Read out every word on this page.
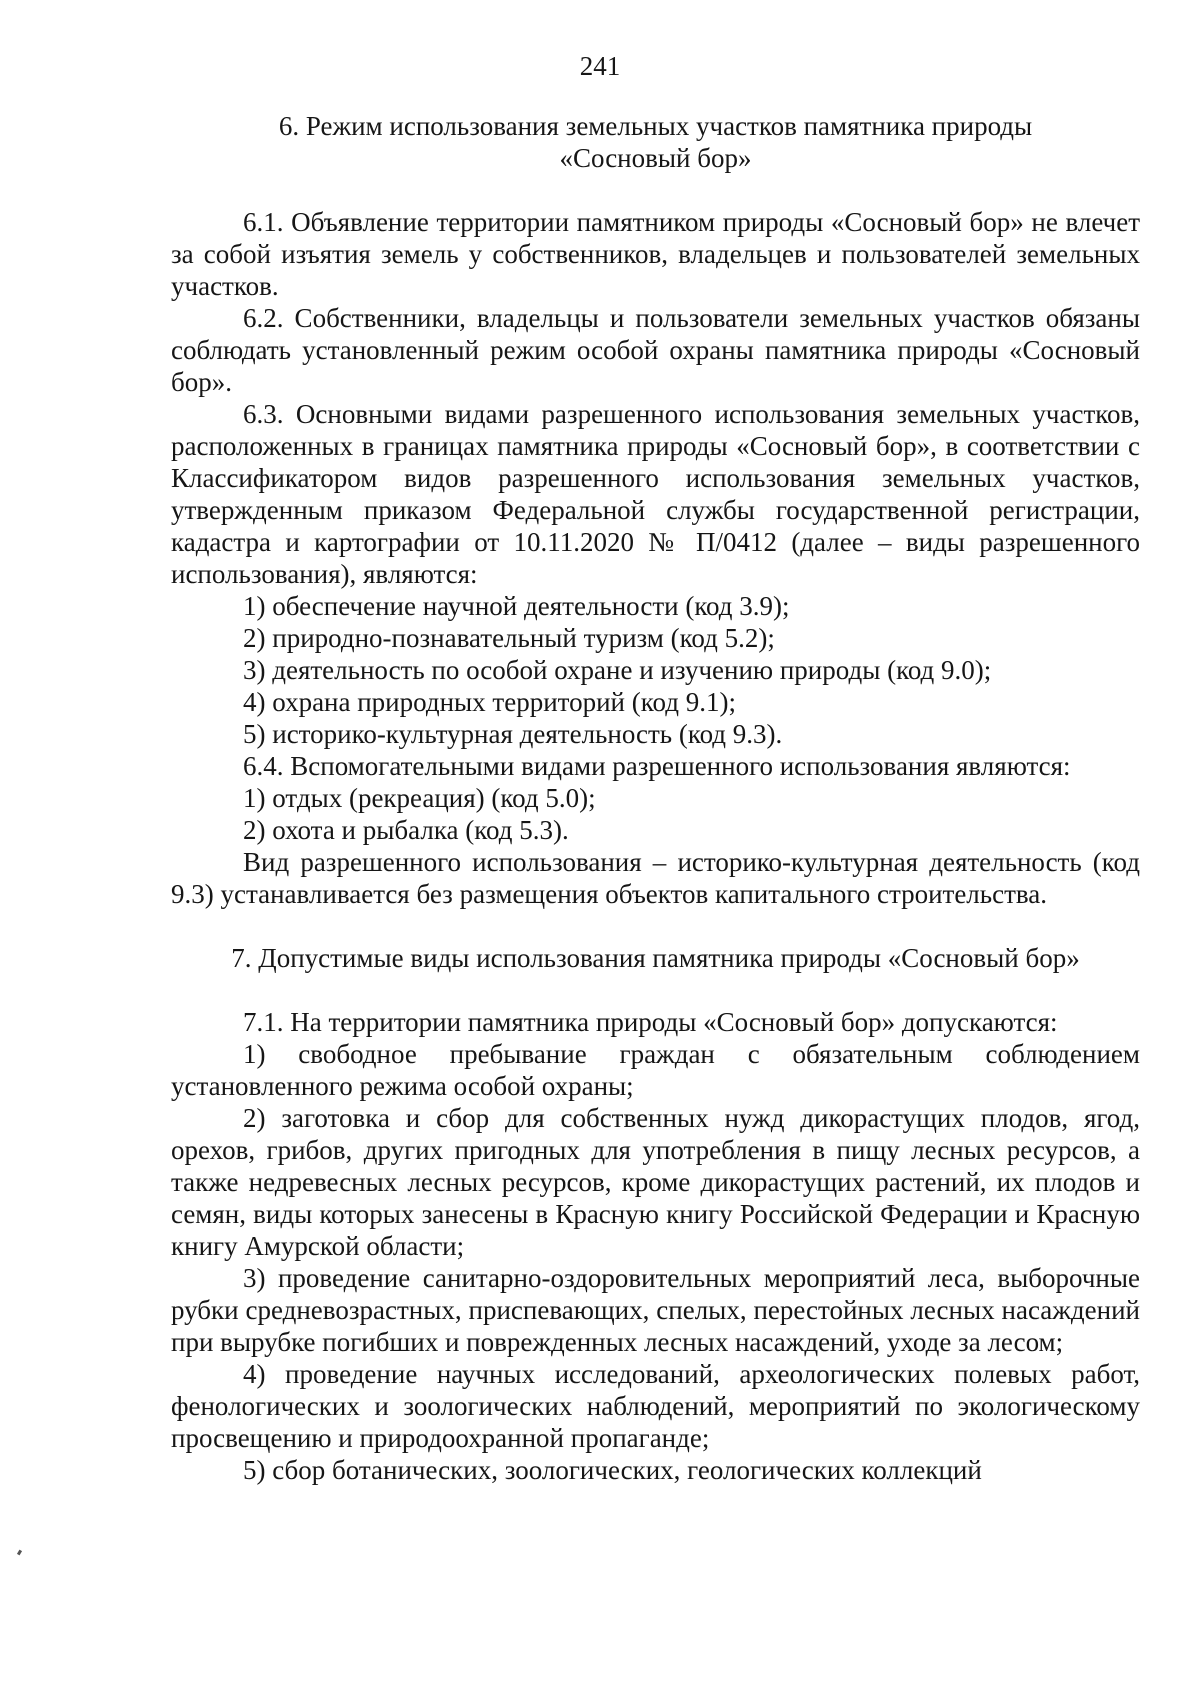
241
6. Режим использования земельных участков памятника природы
«Сосновый бор»

6.1. Объявление территории памятником природы «Сосновый бор» не влечет за собой изъятия земель у собственников, владельцев и пользователей земельных участков.

6.2. Собственники, владельцы и пользователи земельных участков обязаны соблюдать установленный режим особой охраны памятника природы «Сосновый бор».

6.3. Основными видами разрешенного использования земельных участков, расположенных в границах памятника природы «Сосновый бор», в соответствии с Классификатором видов разрешенного использования земельных участков, утвержденным приказом Федеральной службы государственной регистрации, кадастра и картографии от 10.11.2020 № П/0412 (далее – виды разрешенного использования), являются:

1) обеспечение научной деятельности (код 3.9);

2) природно-познавательный туризм (код 5.2);

3) деятельность по особой охране и изучению природы (код 9.0);

4) охрана природных территорий (код 9.1);

5) историко-культурная деятельность (код 9.3).

6.4. Вспомогательными видами разрешенного использования являются:

1) отдых (рекреация) (код 5.0);

2) охота и рыбалка (код 5.3).

Вид разрешенного использования – историко-культурная деятельность (код 9.3) устанавливается без размещения объектов капитального строительства.

7. Допустимые виды использования памятника природы «Сосновый бор»

7.1. На территории памятника природы «Сосновый бор» допускаются:

1) свободное пребывание граждан с обязательным соблюдением установленного режима особой охраны;

2) заготовка и сбор для собственных нужд дикорастущих плодов, ягод, орехов, грибов, других пригодных для употребления в пищу лесных ресурсов, а также недревесных лесных ресурсов, кроме дикорастущих растений, их плодов и семян, виды которых занесены в Красную книгу Российской Федерации и Красную книгу Амурской области;

3) проведение санитарно-оздоровительных мероприятий леса, выборочные рубки средневозрастных, приспевающих, спелых, перестойных лесных насаждений при вырубке погибших и поврежденных лесных насаждений, уходе за лесом;

4) проведение научных исследований, археологических полевых работ, фенологических и зоологических наблюдений, мероприятий по экологическому просвещению и природоохранной пропаганде;

5) сбор ботанических, зоологических, геологических коллекций
